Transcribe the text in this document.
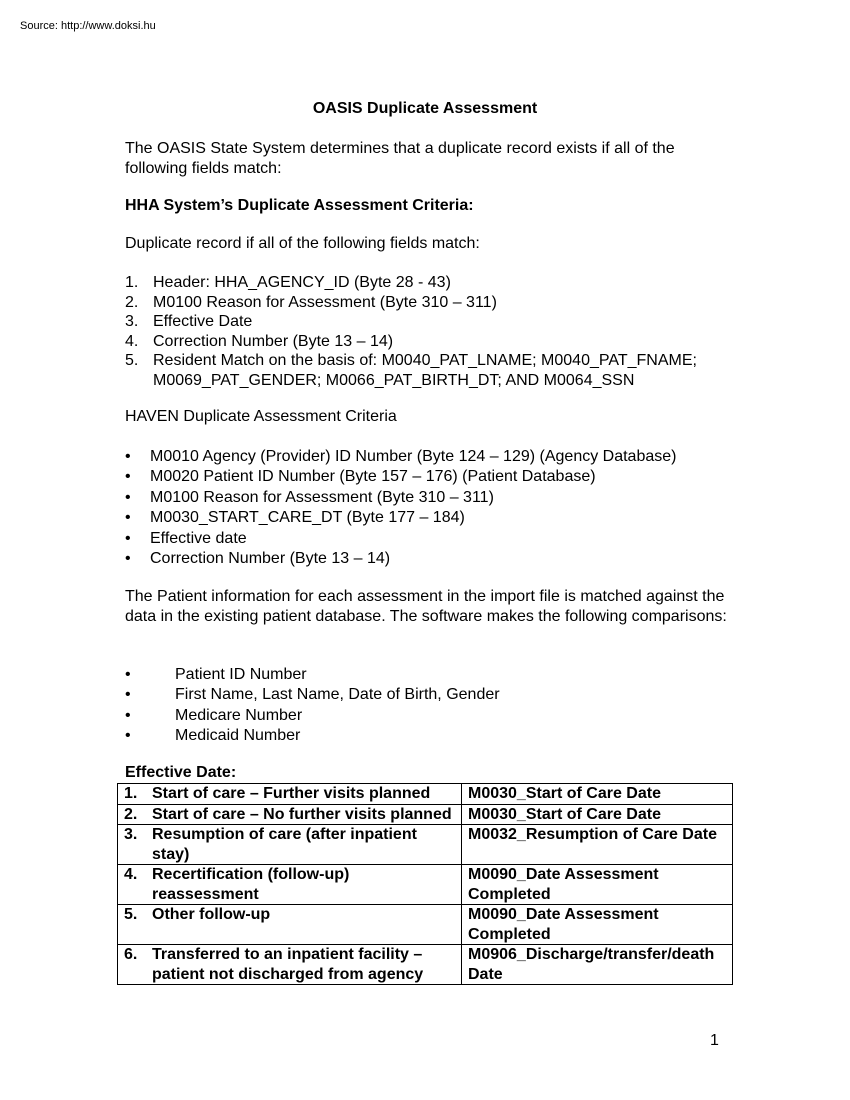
Source: http://www.doksi.hu
OASIS Duplicate Assessment
The OASIS State System determines that a duplicate record exists if all of the following fields match:
HHA System’s Duplicate Assessment Criteria:
Duplicate record if all of the following fields match:
1. Header: HHA_AGENCY_ID (Byte 28 - 43)
2. M0100 Reason for Assessment (Byte 310 – 311)
3. Effective Date
4. Correction Number (Byte 13 – 14)
5. Resident Match on the basis of: M0040_PAT_LNAME; M0040_PAT_FNAME; M0069_PAT_GENDER; M0066_PAT_BIRTH_DT; AND M0064_SSN
HAVEN Duplicate Assessment Criteria
•	M0010 Agency (Provider) ID Number (Byte 124 – 129) (Agency Database)
•	M0020 Patient ID Number (Byte 157 – 176) (Patient Database)
•	M0100 Reason for Assessment (Byte 310 – 311)
•	M0030_START_CARE_DT (Byte 177 – 184)
•	Effective date
•	Correction Number (Byte 13 – 14)
The Patient information for each assessment in the import file is matched against the data in the existing patient database. The software makes the following comparisons:
•	Patient ID Number
•	First Name, Last Name, Date of Birth, Gender
•	Medicare Number
•	Medicaid Number
Effective Date:
1. Start of care – Further visits planned	M0030_Start of Care Date

2. Start of care – No further visits planned	M0030_Start of Care Date

3. Resumption of care (after inpatient stay)	M0032_Resumption of Care Date

4. Recertification (follow-up) reassessment	M0090_Date Assessment Completed

5. Other follow-up	M0090_Date Assessment Completed

6. Transferred to an inpatient facility – patient not discharged from agency	M0906_Discharge/transfer/death Date
1
